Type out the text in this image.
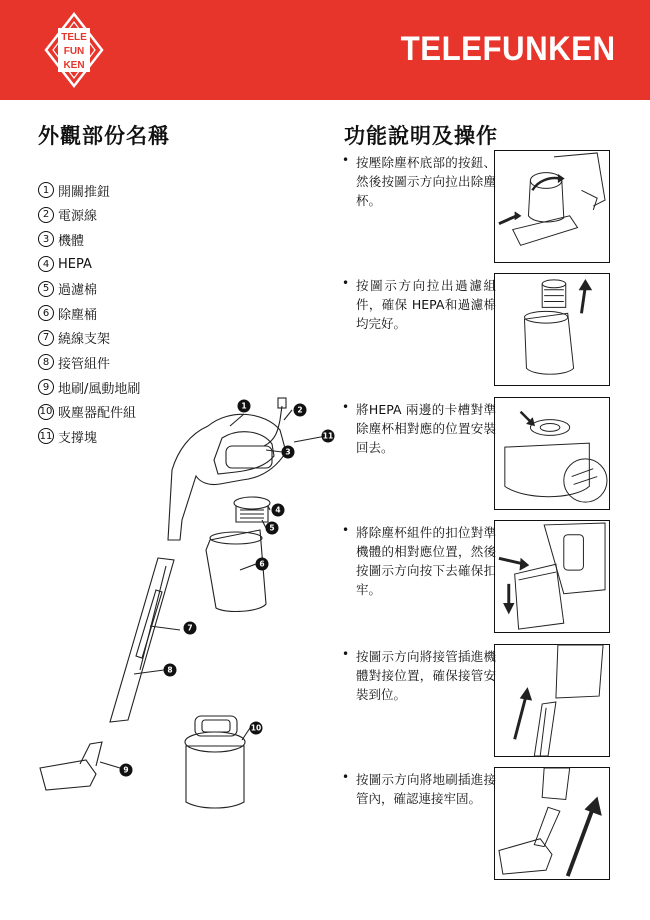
TELE
FUN
KEN	TELEFUNKEN
外觀部份名稱
1 開關推鈕
2 電源線
3 機體
4 HEPA
5 過濾棉
6 除塵桶
7 繞線支架
8 接管組件
9 地刷/風動地刷
10 吸塵器配件組
11 支撐塊
1	2
11
3
4
5
6
7
8
10
9
功能說明及操作
• 按壓除塵杯底部的按鈕、然後按圖示方向拉出除塵杯。
• 按圖示方向拉出過濾組件，確保 HEPA和過濾棉均完好。
• 將HEPA 兩邊的卡槽對準除塵杯相對應的位置安裝回去。
• 將除塵杯組件的扣位對準機體的相對應位置，然後按圖示方向按下去確保扣牢。
• 按圖示方向將接管插進機體對接位置，確保接管安裝到位。
• 按圖示方向將地刷插進接管內，確認連接牢固。
